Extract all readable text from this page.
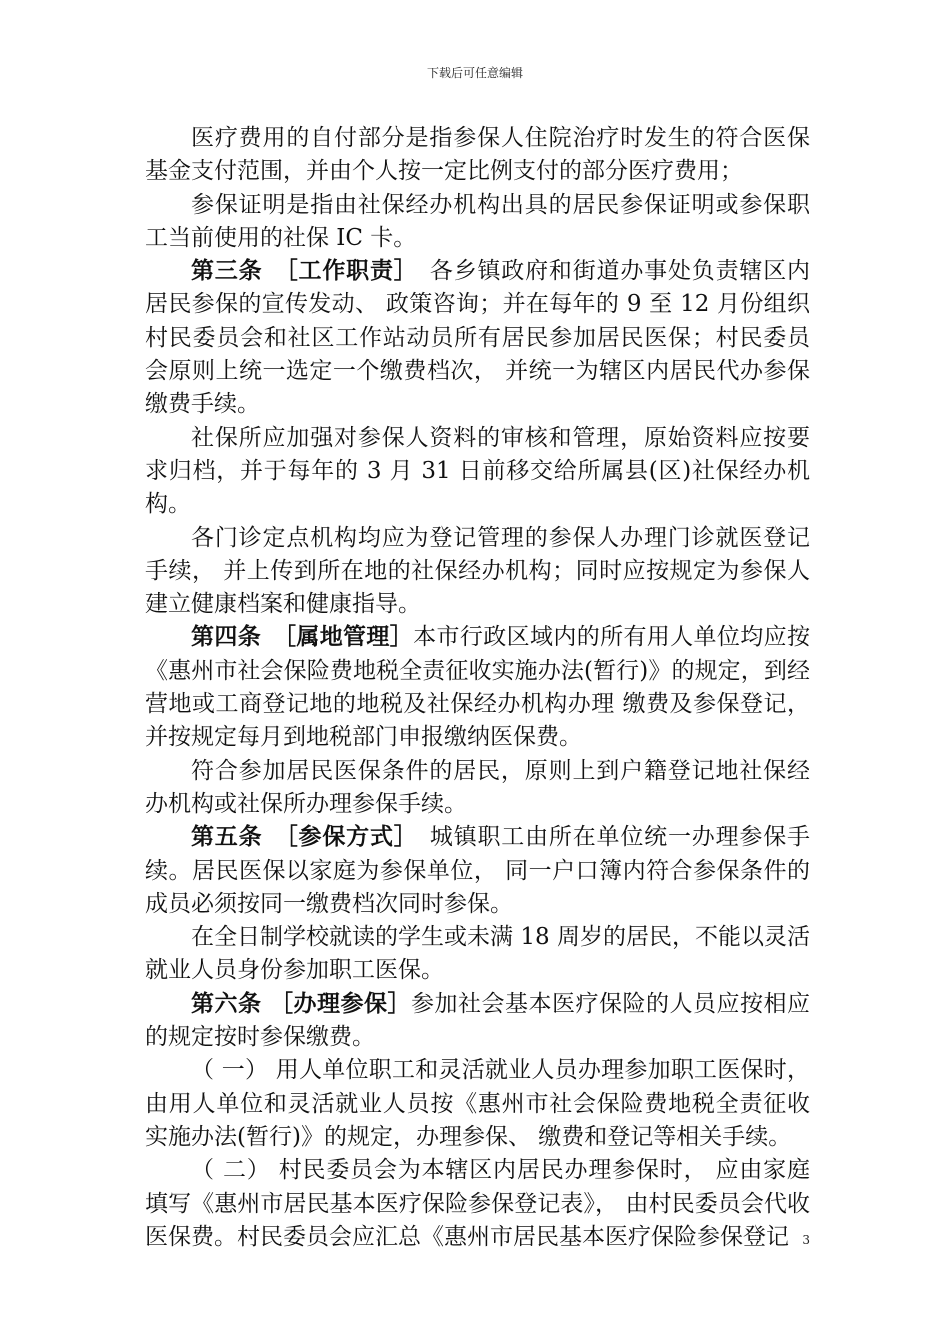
下载后可任意编辑

医疗费用的自付部分是指参保人住院治疗时发生的符合医保基金支付范围，并由个人按一定比例支付的部分医疗费用；

参保证明是指由社保经办机构出具的居民参保证明或参保职工当前使用的社保 IC 卡。

第三条　［工作职责］　各乡镇政府和街道办事处负责辖区内居民参保的宣传发动、 政策咨询；并在每年的 9 至 12 月份组织村民委员会和社区工作站动员所有居民参加居民医保；村民委员会原则上统一选定一个缴费档次， 并统一为辖区内居民代办参保缴费手续。

社保所应加强对参保人资料的审核和管理，原始资料应按要求归档，并于每年的 3 月 31 日前移交给所属县(区)社保经办机构。

各门诊定点机构均应为登记管理的参保人办理门诊就医登记手续， 并上传到所在地的社保经办机构；同时应按规定为参保人建立健康档案和健康指导。

第四条　［属地管理］本市行政区域内的所有用人单位均应按《惠州市社会保险费地税全责征收实施办法(暂行)》的规定，到经营地或工商登记地的地税及社保经办机构办理 缴费及参保登记，并按规定每月到地税部门申报缴纳医保费。

符合参加居民医保条件的居民，原则上到户籍登记地社保经办机构或社保所办理参保手续。

第五条　［参保方式］　城镇职工由所在单位统一办理参保手续。居民医保以家庭为参保单位， 同一户口簿内符合参保条件的成员必须按同一缴费档次同时参保。

在全日制学校就读的学生或未满 18 周岁的居民，不能以灵活就业人员身份参加职工医保。

第六条 ［办理参保］参加社会基本医疗保险的人员应按相应的规定按时参保缴费。

（ 一） 用人单位职工和灵活就业人员办理参加职工医保时，由用人单位和灵活就业人员按《惠州市社会保险费地税全责征收实施办法(暂行)》的规定，办理参保、 缴费和登记等相关手续。

（ 二） 村民委员会为本辖区内居民办理参保时， 应由家庭填写《惠州市居民基本医疗保险参保登记表》， 由村民委员会代收医保费。村民委员会应汇总《惠州市居民基本医疗保险参保登记	3
